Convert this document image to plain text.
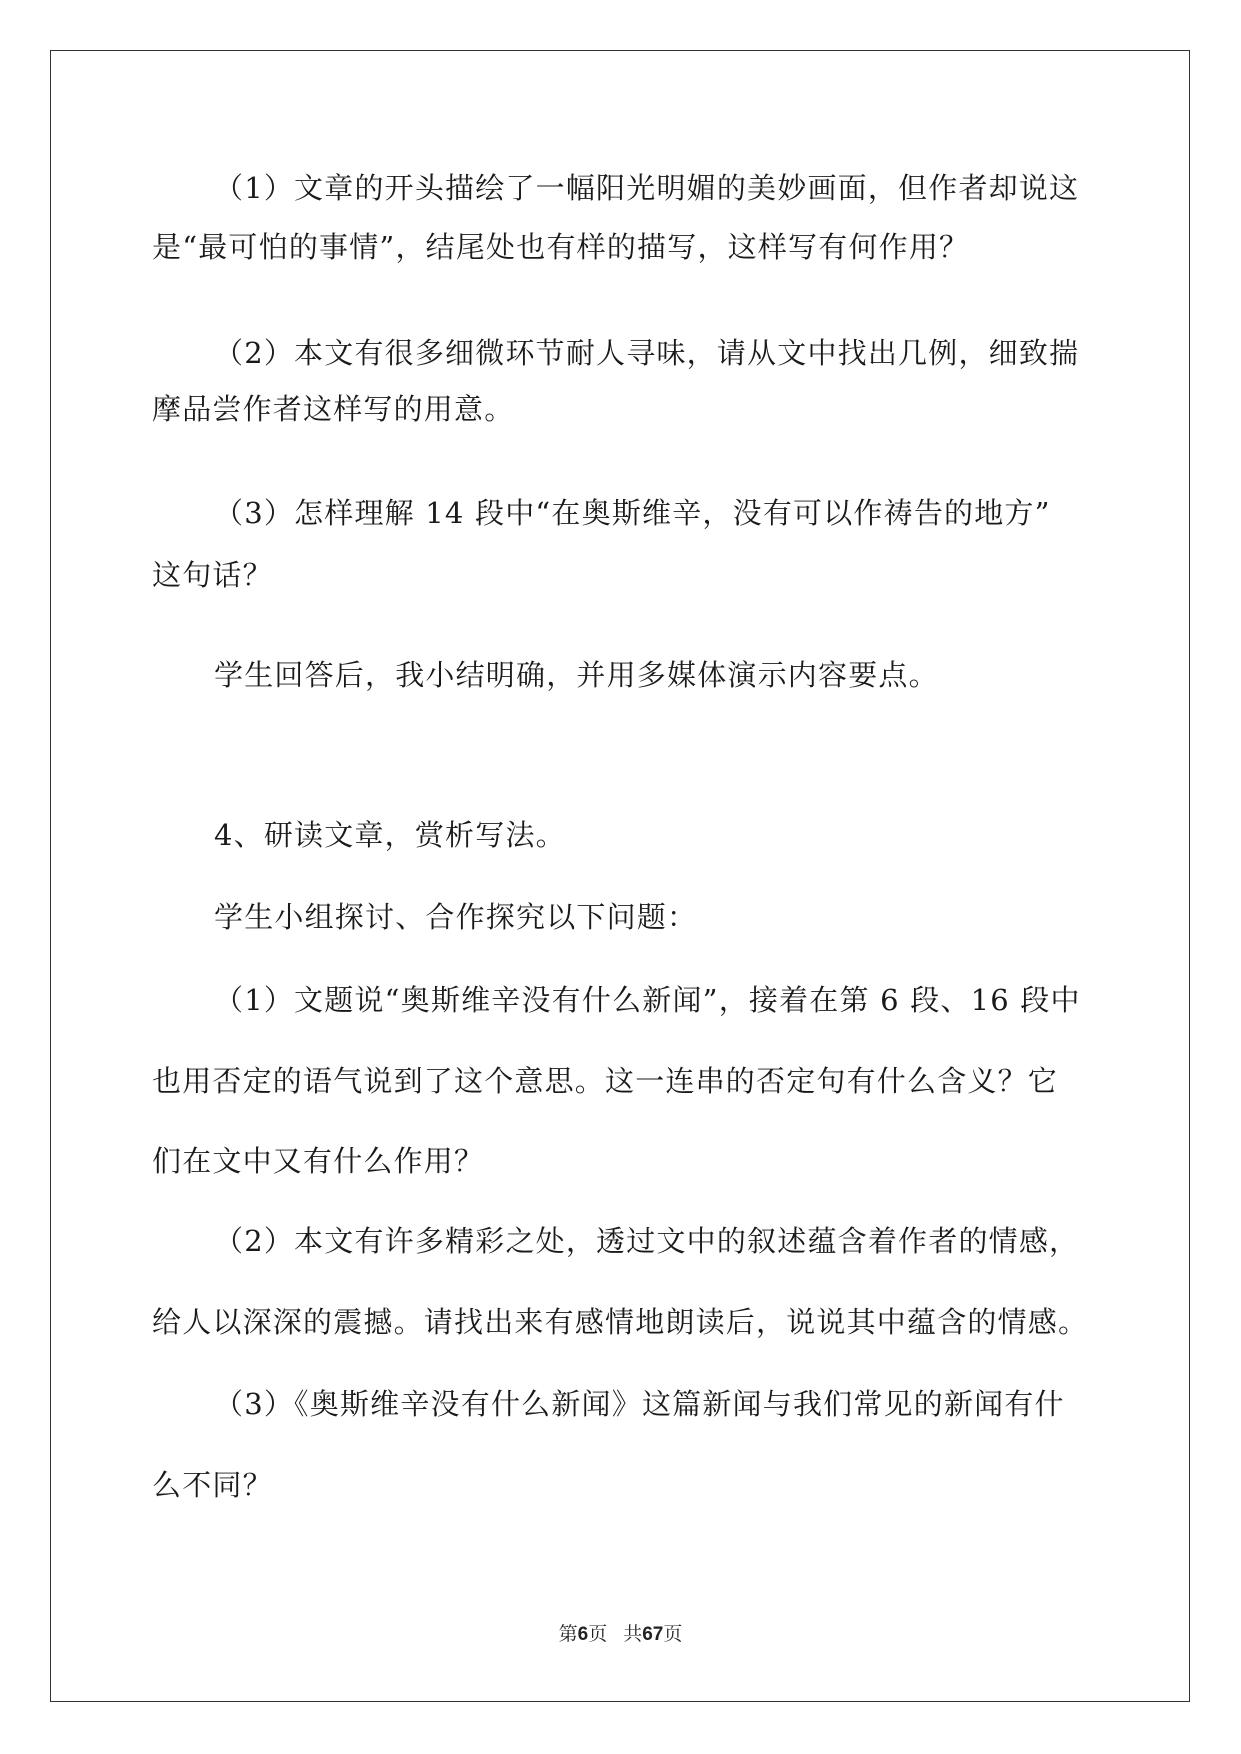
（1）文章的开头描绘了一幅阳光明媚的美妙画面，但作者却说这
是“最可怕的事情”，结尾处也有样的描写，这样写有何作用？
（2）本文有很多细微环节耐人寻味，请从文中找出几例，细致揣
摩品尝作者这样写的用意。
（3）怎样理解 14 段中“在奥斯维辛，没有可以作祷告的地方”
这句话？
学生回答后，我小结明确，并用多媒体演示内容要点。
4、研读文章，赏析写法。
学生小组探讨、合作探究以下问题：
（1）文题说“奥斯维辛没有什么新闻”，接着在第 6 段、16 段中
也用否定的语气说到了这个意思。这一连串的否定句有什么含义？它
们在文中又有什么作用？
（2）本文有许多精彩之处，透过文中的叙述蕴含着作者的情感，
给人以深深的震撼。请找出来有感情地朗读后，说说其中蕴含的情感。
（3）《奥斯维辛没有什么新闻》这篇新闻与我们常见的新闻有什
么不同？
第6页 共67页
